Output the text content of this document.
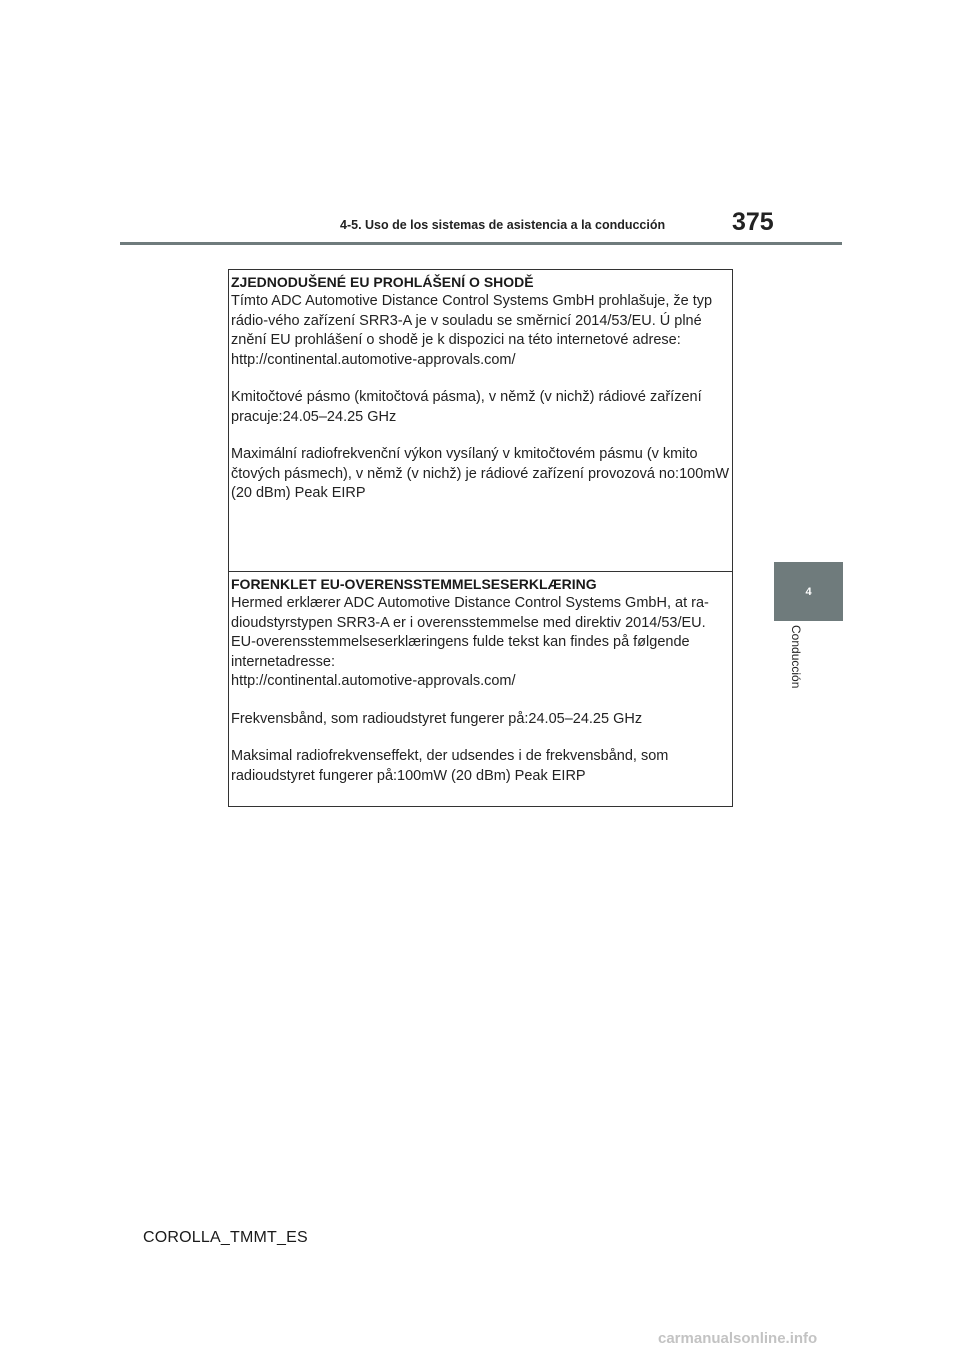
4-5. Uso de los sistemas de asistencia a la conducción	375
4
Conducción

ZJEDNODUŠENÉ EU PROHLÁŠENÍ O SHODĚ

Tímto ADC Automotive Distance Control Systems GmbH prohlašuje, že typ rádio-vého zařízení SRR3-A je v souladu se směrnicí 2014/53/EU. Ú plné znění EU prohlášení o shodě je k dispozici na této internetové adrese:

http://continental.automotive-approvals.com/

Kmitočtové pásmo (kmitočtová pásma), v němž (v nichž) rádiové zařízení pracuje:24.05–24.25 GHz

Maximální radiofrekvenční výkon vysílaný v kmitočtovém pásmu (v kmito čtových pásmech), v němž (v nichž) je rádiové zařízení provozová no:100mW (20 dBm) Peak EIRP

FORENKLET EU-OVERENSSTEMMELSESERKLÆRING

Hermed erklærer ADC Automotive Distance Control Systems GmbH, at ra-dioudstyrstypen SRR3-A er i overensstemmelse med direktiv 2014/53/EU. EU-overensstemmelseserklæringens fulde tekst kan findes på følgende internetadresse:

http://continental.automotive-approvals.com/

Frekvensbånd, som radioudstyret fungerer på:24.05–24.25 GHz

Maksimal radiofrekvenseffekt, der udsendes i de frekvensbånd, som radioudstyret fungerer på:100mW (20 dBm) Peak EIRP

COROLLA_TMMT_ES
carmanualsonline.info
